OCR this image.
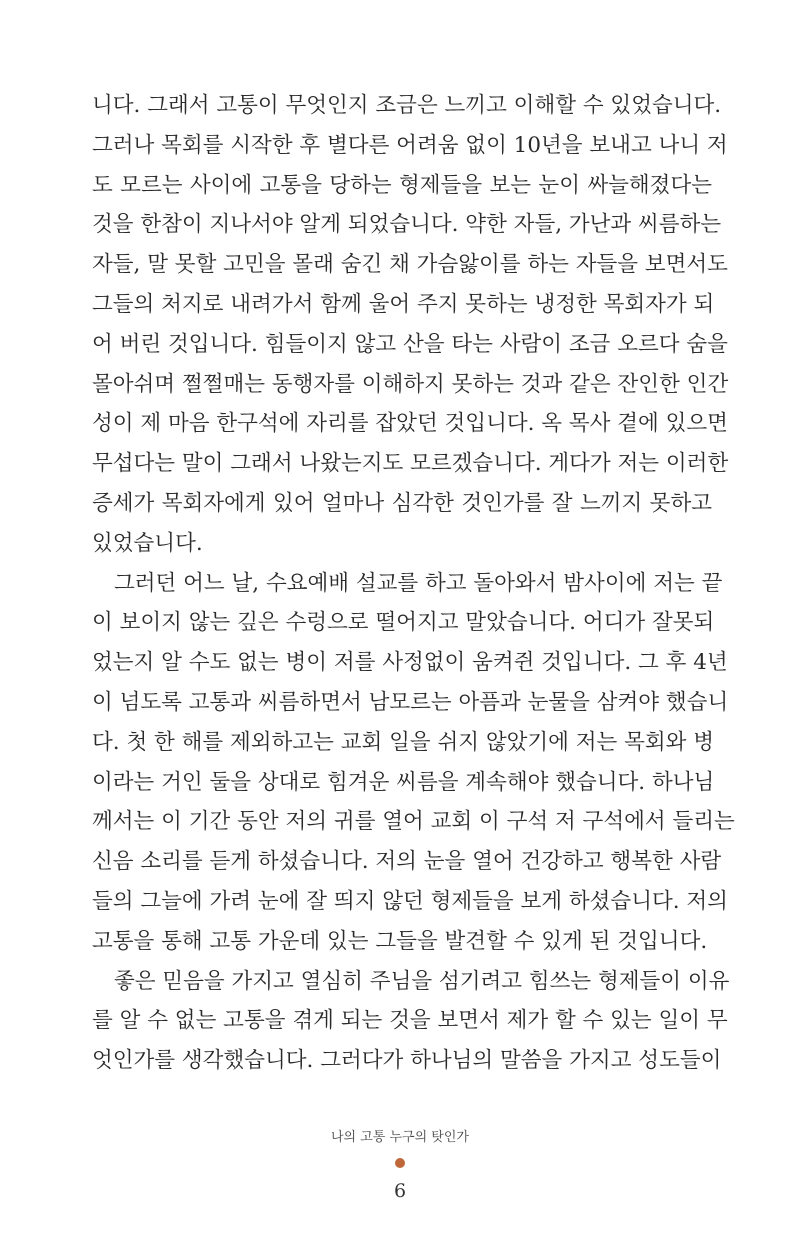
니다. 그래서 고통이 무엇인지 조금은 느끼고 이해할 수 있었습니다.
그러나 목회를 시작한 후 별다른 어려움 없이 10년을 보내고 나니 저
도 모르는 사이에 고통을 당하는 형제들을 보는 눈이 싸늘해졌다는
것을 한참이 지나서야 알게 되었습니다. 약한 자들, 가난과 씨름하는
자들, 말 못할 고민을 몰래 숨긴 채 가슴앓이를 하는 자들을 보면서도
그들의 처지로 내려가서 함께 울어 주지 못하는 냉정한 목회자가 되
어 버린 것입니다. 힘들이지 않고 산을 타는 사람이 조금 오르다 숨을
몰아쉬며 쩔쩔매는 동행자를 이해하지 못하는 것과 같은 잔인한 인간
성이 제 마음 한구석에 자리를 잡았던 것입니다. 옥 목사 곁에 있으면
무섭다는 말이 그래서 나왔는지도 모르겠습니다. 게다가 저는 이러한
증세가 목회자에게 있어 얼마나 심각한 것인가를 잘 느끼지 못하고
있었습니다.
그러던 어느 날, 수요예배 설교를 하고 돌아와서 밤사이에 저는 끝
이 보이지 않는 깊은 수렁으로 떨어지고 말았습니다. 어디가 잘못되
었는지 알 수도 없는 병이 저를 사정없이 움켜쥔 것입니다. 그 후 4년
이 넘도록 고통과 씨름하면서 남모르는 아픔과 눈물을 삼켜야 했습니
다. 첫 한 해를 제외하고는 교회 일을 쉬지 않았기에 저는 목회와 병
이라는 거인 둘을 상대로 힘겨운 씨름을 계속해야 했습니다. 하나님
께서는 이 기간 동안 저의 귀를 열어 교회 이 구석 저 구석에서 들리는
신음 소리를 듣게 하셨습니다. 저의 눈을 열어 건강하고 행복한 사람
들의 그늘에 가려 눈에 잘 띄지 않던 형제들을 보게 하셨습니다. 저의
고통을 통해 고통 가운데 있는 그들을 발견할 수 있게 된 것입니다.
좋은 믿음을 가지고 열심히 주님을 섬기려고 힘쓰는 형제들이 이유
를 알 수 없는 고통을 겪게 되는 것을 보면서 제가 할 수 있는 일이 무
엇인가를 생각했습니다. 그러다가 하나님의 말씀을 가지고 성도들이
나의 고통 누구의 탓인가
6
